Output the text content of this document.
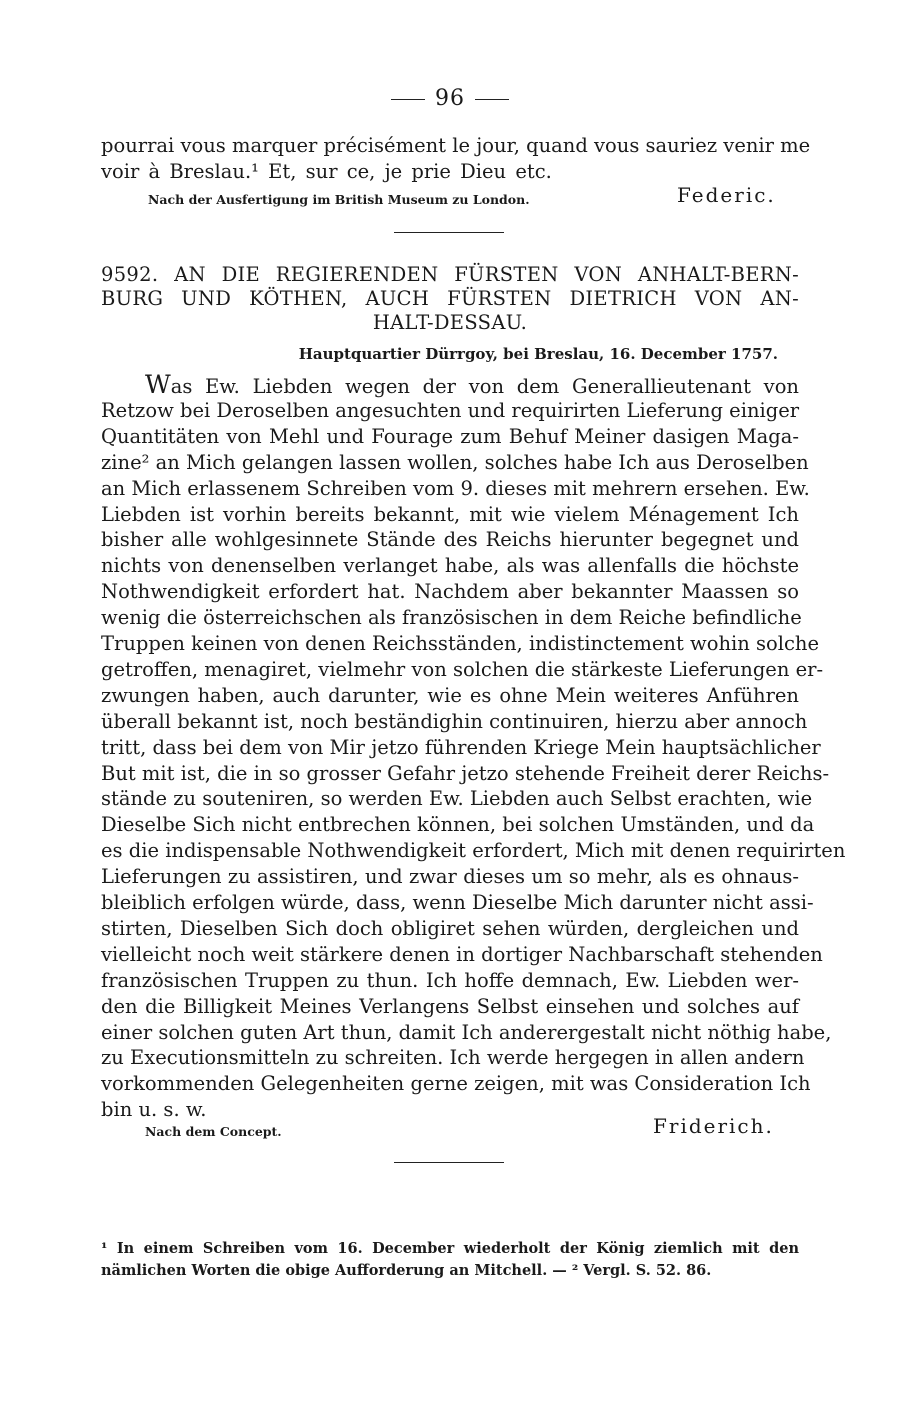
96
pourrai vous marquer précisément le jour, quand vous sauriez venir me
voir à Breslau.¹ Et, sur ce, je prie Dieu etc.
Nach der Ausfertigung im British Museum zu London.	Federic.
9592. AN DIE REGIERENDEN FÜRSTEN VON ANHALT-BERN-
BURG UND KÖTHEN, AUCH FÜRSTEN DIETRICH VON AN-
HALT-DESSAU.
Hauptquartier Dürrgoy, bei Breslau, 16. December 1757.
Was Ew. Liebden wegen der von dem Generallieutenant von
Retzow bei Deroselben angesuchten und requirirten Lieferung einiger
Quantitäten von Mehl und Fourage zum Behuf Meiner dasigen Maga-
zine² an Mich gelangen lassen wollen, solches habe Ich aus Deroselben
an Mich erlassenem Schreiben vom 9. dieses mit mehrern ersehen. Ew.
Liebden ist vorhin bereits bekannt, mit wie vielem Ménagement Ich
bisher alle wohlgesinnete Stände des Reichs hierunter begegnet und
nichts von denenselben verlanget habe, als was allenfalls die höchste
Nothwendigkeit erfordert hat. Nachdem aber bekannter Maassen so
wenig die österreichschen als französischen in dem Reiche befindliche
Truppen keinen von denen Reichsständen, indistinctement wohin solche
getroffen, menagiret, vielmehr von solchen die stärkeste Lieferungen er-
zwungen haben, auch darunter, wie es ohne Mein weiteres Anführen
überall bekannt ist, noch beständighin continuiren, hierzu aber annoch
tritt, dass bei dem von Mir jetzo führenden Kriege Mein hauptsächlicher
But mit ist, die in so grosser Gefahr jetzo stehende Freiheit derer Reichs-
stände zu souteniren, so werden Ew. Liebden auch Selbst erachten, wie
Dieselbe Sich nicht entbrechen können, bei solchen Umständen, und da
es die indispensable Nothwendigkeit erfordert, Mich mit denen requirirten
Lieferungen zu assistiren, und zwar dieses um so mehr, als es ohnaus-
bleiblich erfolgen würde, dass, wenn Dieselbe Mich darunter nicht assi-
stirten, Dieselben Sich doch obligiret sehen würden, dergleichen und
vielleicht noch weit stärkere denen in dortiger Nachbarschaft stehenden
französischen Truppen zu thun. Ich hoffe demnach, Ew. Liebden wer-
den die Billigkeit Meines Verlangens Selbst einsehen und solches auf
einer solchen guten Art thun, damit Ich anderergestalt nicht nöthig habe,
zu Executionsmitteln zu schreiten. Ich werde hergegen in allen andern
vorkommenden Gelegenheiten gerne zeigen, mit was Consideration Ich
bin u. s. w.
Nach dem Concept.	Friderich.
¹ In einem Schreiben vom 16. December wiederholt der König ziemlich mit den
nämlichen Worten die obige Aufforderung an Mitchell. — ² Vergl. S. 52. 86.
